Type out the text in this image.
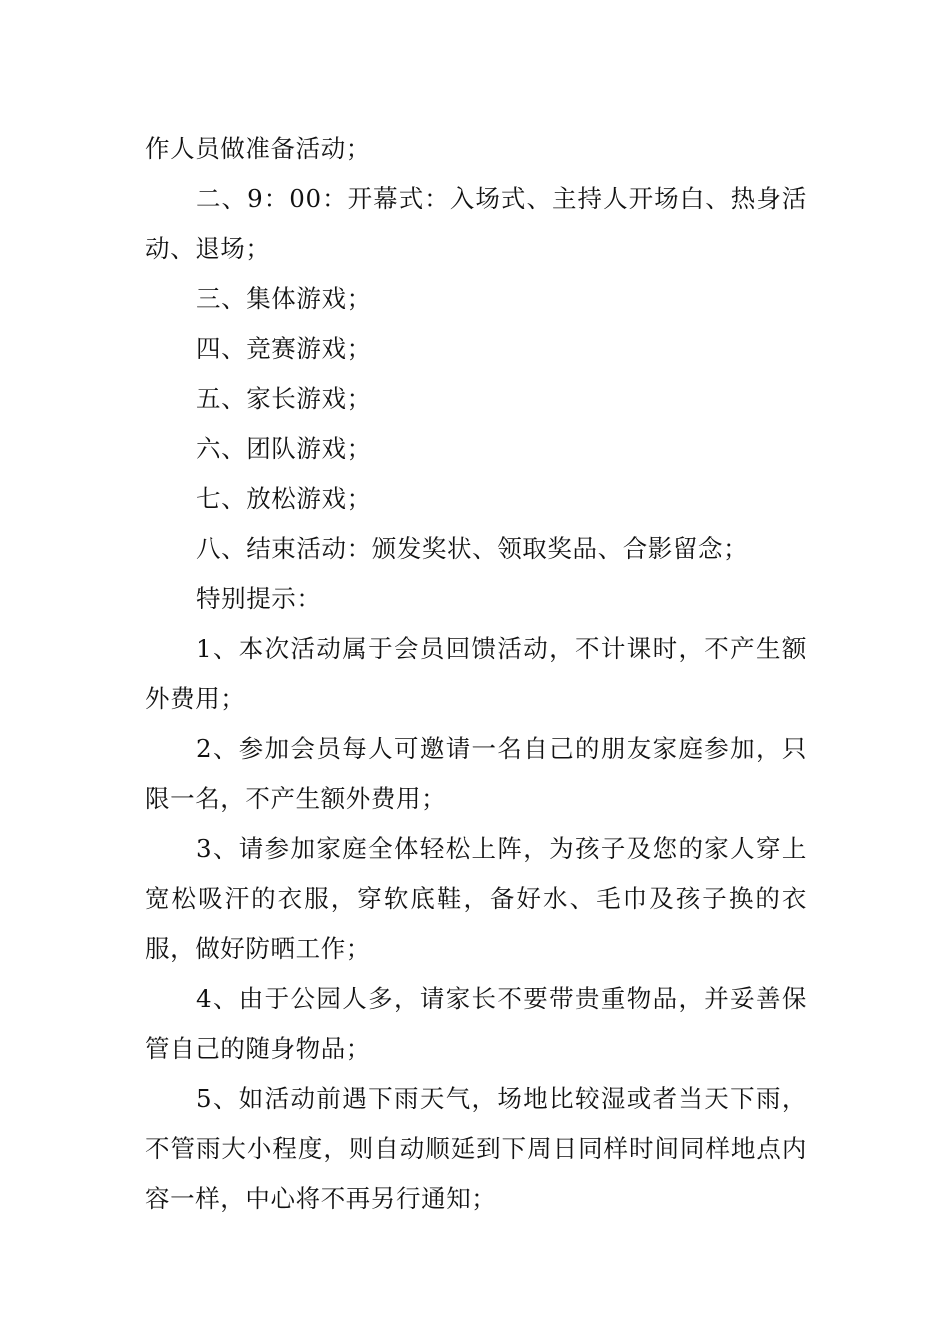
作人员做准备活动；

二、9：00：开幕式：入场式、主持人开场白、热身活动、退场；

三、集体游戏；

四、竞赛游戏；

五、家长游戏；

六、团队游戏；

七、放松游戏；

八、结束活动：颁发奖状、领取奖品、合影留念；

特别提示：

1、本次活动属于会员回馈活动，不计课时，不产生额外费用；

2、参加会员每人可邀请一名自己的朋友家庭参加，只限一名，不产生额外费用；

3、请参加家庭全体轻松上阵，为孩子及您的家人穿上宽松吸汗的衣服，穿软底鞋，备好水、毛巾及孩子换的衣服，做好防晒工作；

4、由于公园人多，请家长不要带贵重物品，并妥善保管自己的随身物品；

5、如活动前遇下雨天气，场地比较湿或者当天下雨，不管雨大小程度，则自动顺延到下周日同样时间同样地点内容一样，中心将不再另行通知；
